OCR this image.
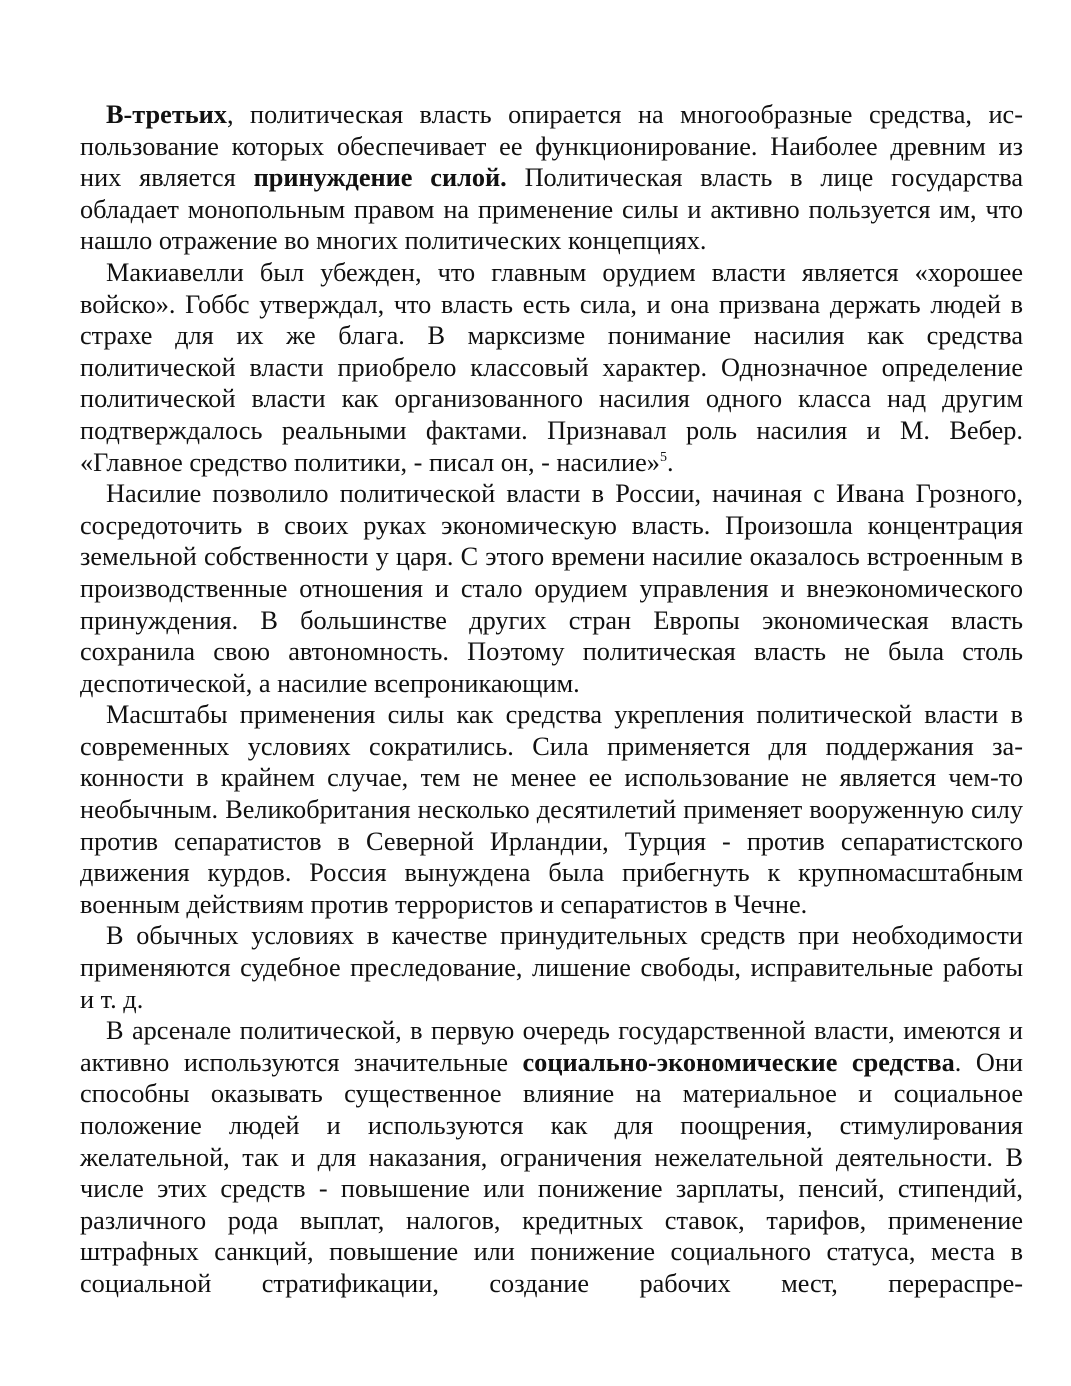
В-третьих, политическая власть опирается на многообразные средства, использование которых обеспечивает ее функционирование. Наиболее древним из них является принуждение силой. Политическая власть в лице государства обладает монопольным правом на применение силы и активно пользуется им, что нашло отражение во многих политических концепциях.

Макиавелли был убежден, что главным орудием власти является «хорошее войско». Гоббс утверждал, что власть есть сила, и она призвана держать людей в страхе для их же блага. В марксизме понимание насилия как средства политической власти приобрело классовый характер. Однозначное определение политической власти как организованного насилия одного класса над другим подтверждалось реальными фактами. Признавал роль насилия и М. Вебер. «Главное средство политики, - писал он, - насилие»$^5$.

Насилие позволило политической власти в России, начиная с Ивана Грозного, сосредоточить в своих руках экономическую власть. Произошла концентрация земельной собственности у царя. С этого времени насилие оказалось встроенным в производственные отношения и стало орудием управления и внеэкономического принуждения. В большинстве других стран Европы экономическая власть сохранила свою автономность. Поэтому политическая власть не была столь деспотической, а насилие всепроникающим.

Масштабы применения силы как средства укрепления политической власти в современных условиях сократились. Сила применяется для поддержания законности в крайнем случае, тем не менее ее использование не является чем-то необычным. Великобритания несколько десятилетий применяет вооруженную силу против сепаратистов в Северной Ирландии, Турция - против сепаратистского движения курдов. Россия вынуждена была прибегнуть к крупномасштабным военным действиям против террористов и сепаратистов в Чечне.

В обычных условиях в качестве принудительных средств при необходимости применяются судебное преследование, лишение свободы, исправительные работы и т. д.

В арсенале политической, в первую очередь государственной власти, имеются и активно используются значительные социально-экономические средства. Они способны оказывать существенное влияние на материальное и социальное положение людей и используются как для поощрения, стимулирования желательной, так и для наказания, ограничения нежелательной деятельности. В числе этих средств - повышение или понижение зарплаты, пенсий, стипендий, различного рода выплат, налогов, кредитных ставок, тарифов, применение штрафных санкций, повышение или понижение социального статуса, места в социальной стратификации, создание рабочих мест, перераспре-
